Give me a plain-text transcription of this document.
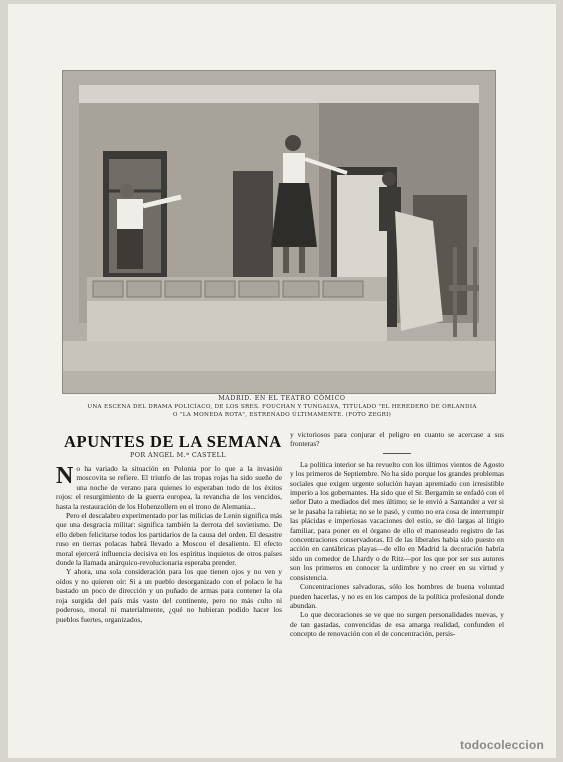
MADRID. EN EL TEATRO CÓMICO
UNA ESCENA DEL DRAMA POLICÍACO, DE LOS SRES. FOUCHAN Y TUNGALVA, TITULADO "EL HEREDERO DE ORLANDIA
O "LA MONEDA ROTA", ESTRENADO ÚLTIMAMENTE. (FOTO ZEGRI)
APUNTES DE LA SEMANA
POR ANGEL M.ª CASTELL

No ha variado la situación en Polonia por lo que a la invasión moscovita se refiere. El triunfo de las tropas rojas ha sido sueño de una noche de verano para quienes lo esperaban todo de los éxitos rojos: el resurgimiento de la guerra europea, la revancha de los vencidos, hasta la restauración de los Hohenzollern en el trono de Alemania...

Pero el descalabro experimentado por las milicias de Lenin significa más que una desgracia militar: significa también la derrota del sovietismo. De ello deben felicitarse todos los partidarios de la causa del orden. El desastre ruso en tierras polacas habrá llevado a Moscou el desaliento. El efecto moral ejercerá influencia decisiva en los espíritus inquietos de otros países donde la llamada anárquico-revolucionaria esperaba prender.

Y ahora, una sola consideración para los que tienen ojos y no ven y oídos y no quieren oír: Si a un pueblo desorganizado con el polaco le ha bastado un poco de dirección y un puñado de armas para contener la ola roja surgida del país más vasto del continente, pero no más culto ni poderoso, moral ni materialmente, ¿qué no hubieran podido hacer los pueblos fuertes, organizados,

y victoriosos para conjurar el peligro en cuanto se acercase a sus fronteras?

La política interior se ha revuelto con los últimos vientos de Agosto y los primeros de Septiembre. No ha sido porque los grandes problemas sociales que exigen urgente solución hayan apremiado con irresistible imperio a los gobernantes. Ha sido que el Sr. Bergamín se enfadó con el señor Dato a mediados del mes último; se le envió a Santander a ver si se le pasaba la rabieta; no se le pasó, y como no era cosa de interrumpir las plácidas e imperiosas vacaciones del estío, se dió largas al litigio familiar, para poner en el órgano de ello el manoseado registro de las concentraciones conservadoras. El de las liberales había sido puesto en acción en cantábricas playas—de ello en Madrid la decoración habría sido un comedor de Lhardy o de Ritz—por los que por ser sus autores son los primeros en conocer la urdimbre y no creer en su virtud y consistencia.

Concentraciones salvadoras, sólo los hombres de buena voluntad pueden hacerlas, y no es en los campos de la política profesional donde abundan.

Lo que decoraciones se ve que no surgen personalidades nuevas, y de tan gastadas, convencidas de esa amarga realidad, confunden el concepto de renovación con el de concentración, persis-

todocoleccion
